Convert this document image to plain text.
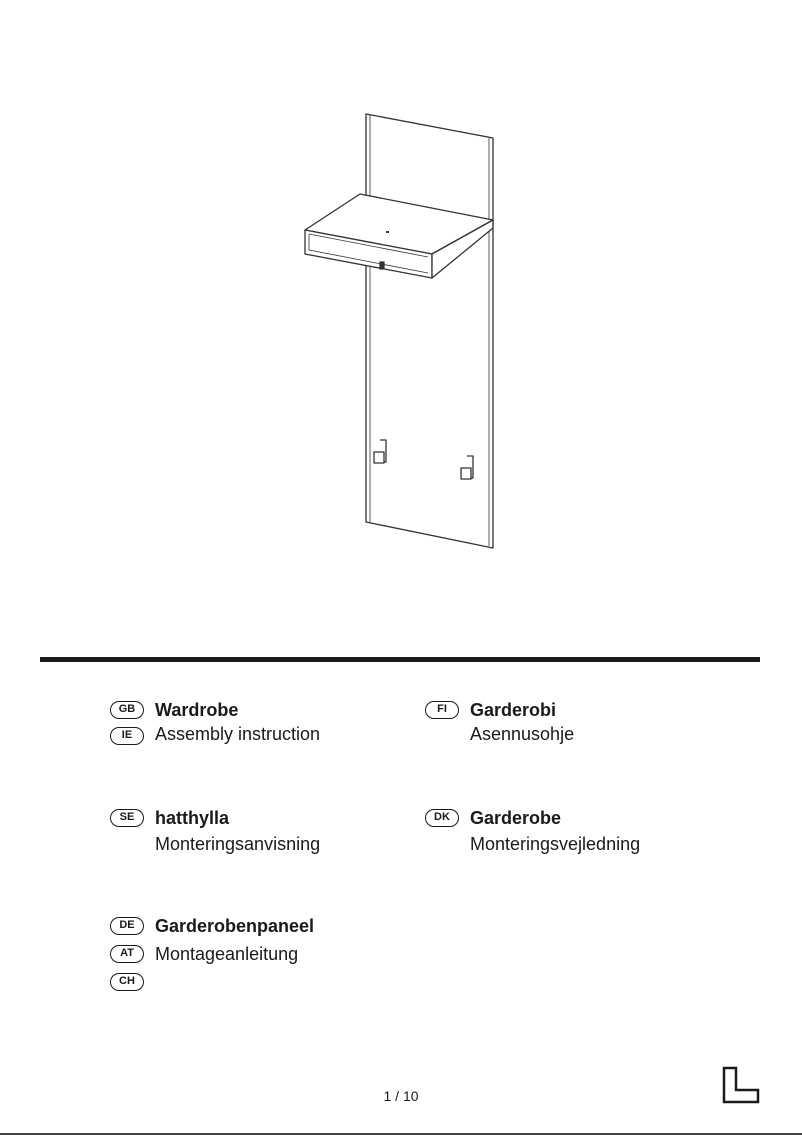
GB
IE
Wardrobe
Assembly instruction
FI	Garderobi
Asennusohje
SE	hatthylla
Monteringsanvisning
DK	Garderobe
Monteringsvejledning
DE
AT
CH
Garderobenpaneel
Montageanleitung
1 / 10
